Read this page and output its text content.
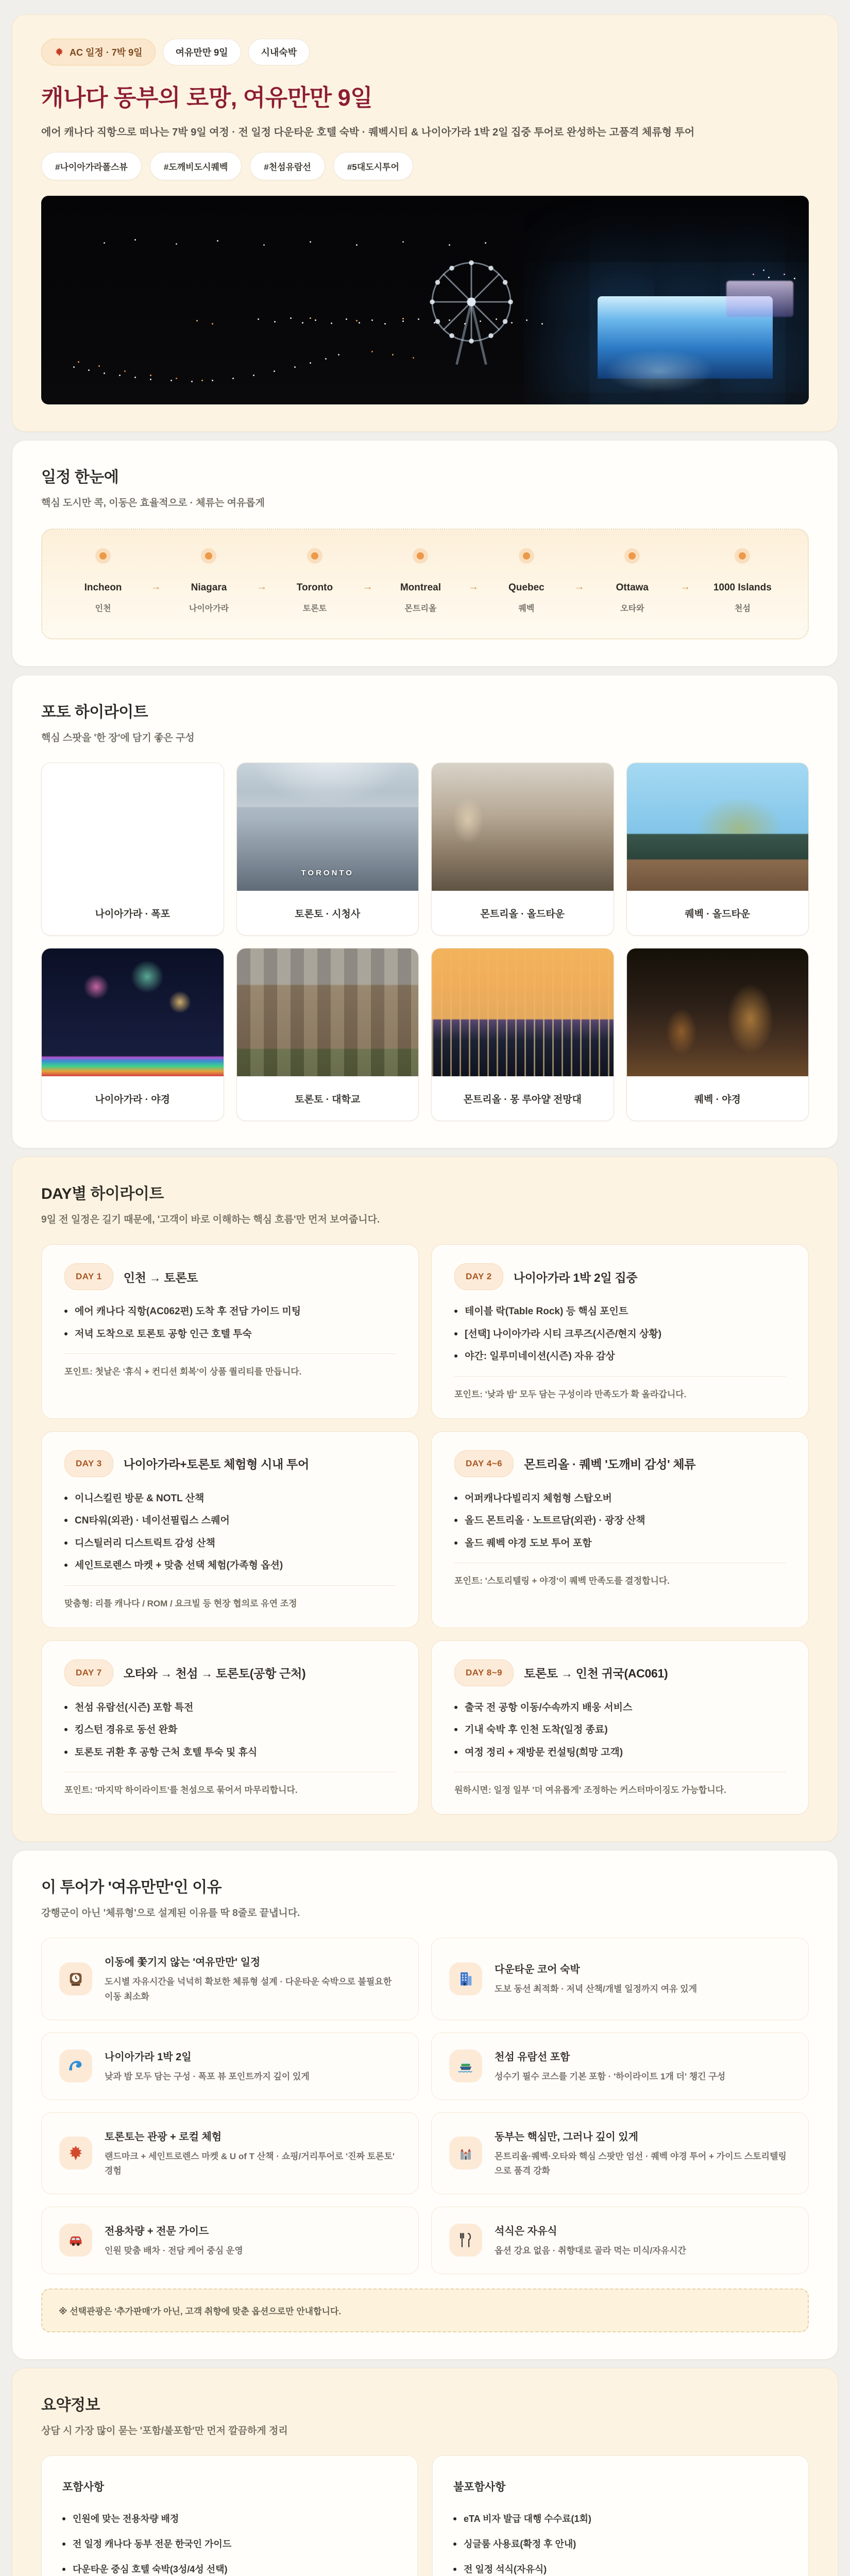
AC 일정 · 7박 9일	여유만만 9일	시내숙박
캐나다 동부의 로망, 여유만만 9일

에어 캐나다 직항으로 떠나는 7박 9일 여정 · 전 일정 다운타운 호텔 숙박 · 퀘벡시티 & 나이아가라 1박 2일 집중 투어로 완성하는 고품격 체류형 투어

#나이아가라폴스뷰	#도깨비도시퀘벡	#천섬유람선	#5대도시투어
일정 한눈에

핵심 도시만 콕, 이동은 효율적으로 · 체류는 여유롭게

Incheon
인천
→	Niagara
나이아가라
→	Toronto
토론토
→	Montreal
몬트리올
→	Quebec
퀘벡
→	Ottawa
오타와
→ 1000 Islands
천섬
포토 하이라이트

핵심 스팟을 '한 장'에 담기 좋은 구성

나이아가라 · 폭포
TORONTO
토론토 · 시청사	몬트리올 · 올드타운	퀘벡 · 올드타운
나이아가라 · 야경	토론토 · 대학교	몬트리올 · 몽 루아얄 전망대	퀘벡 · 야경
DAY별 하이라이트

9일 전 일정은 길기 때문에, '고객이 바로 이해하는 핵심 흐름'만 먼저 보여줍니다.

DAY 1	인천 → 토론토
에어 캐나다 직항(AC062편) 도착 후 전담 가이드 미팅
저녁 도착으로 토론토 공항 인근 호텔 투숙

포인트: 첫날은 '휴식 + 컨디션 회복'이 상품 퀄리티를 만듭니다.

DAY 2	나이아가라 1박 2일 집중
테이블 락(Table Rock) 등 핵심 포인트
[선택] 나이아가라 시티 크루즈(시즌/현지 상황)
야간: 일루미네이션(시즌) 자유 감상

포인트: '낮과 밤' 모두 담는 구성이라 만족도가 확 올라갑니다.

DAY 3	나이아가라+토론토 체험형 시내 투어
이니스킬린 방문 & NOTL 산책
CN타워(외관) · 네이선필립스 스퀘어
디스틸러리 디스트릭트 감성 산책
세인트로렌스 마켓 + 맞춤 선택 체험(가족형 옵션)

맞춤형: 리틀 캐나다 / ROM / 요크빌 등 현장 협의로 유연 조정

DAY 4~6	몬트리올 · 퀘벡 '도깨비 감성' 체류
어퍼캐나다빌리지 체험형 스탑오버
올드 몬트리올 · 노트르담(외관) · 광장 산책
올드 퀘벡 야경 도보 투어 포함

포인트: '스토리텔링 + 야경'이 퀘벡 만족도를 결정합니다.

DAY 7	오타와 → 천섬 → 토론토(공항 근처)
천섬 유람선(시즌) 포함 특전
킹스턴 경유로 동선 완화
토론토 귀환 후 공항 근처 호텔 투숙 및 휴식

포인트: '마지막 하이라이트'를 천섬으로 묶어서 마무리합니다.

DAY 8~9	토론토 → 인천 귀국(AC061)
출국 전 공항 이동/수속까지 배웅 서비스
기내 숙박 후 인천 도착(일정 종료)
여정 정리 + 재방문 컨설팅(희망 고객)

원하시면: 일정 일부 '더 여유롭게' 조정하는 커스터마이징도 가능합니다.

이 투어가 '여유만만'인 이유

강행군이 아닌 '체류형'으로 설계된 이유를 딱 8줄로 끝냅니다.

이동에 쫓기지 않는 '여유만만' 일정

도시별 자유시간을 넉넉히 확보한 체류형 설계 · 다운타운 숙박으로 불필요한 이동 최소화

다운타운 코어 숙박

도보 동선 최적화 · 저녁 산책/개별 일정까지 여유 있게

나이아가라 1박 2일

낮과 밤 모두 담는 구성 · 폭포 뷰 포인트까지 깊이 있게

천섬 유람선 포함

성수기 필수 코스를 기본 포함 · '하이라이트 1개 더' 챙긴 구성

토론토는 관광 + 로컬 체험

랜드마크 + 세인트로렌스 마켓 & U of T 산책 · 쇼핑/거리투어로 '진짜 토론토' 경험

동부는 핵심만, 그러나 깊이 있게

몬트리올·퀘벡·오타와 핵심 스팟만 엄선 · 퀘벡 야경 투어 + 가이드 스토리텔링으로 품격 강화

전용차량 + 전문 가이드

인원 맞춤 배차 · 전담 케어 중심 운영

석식은 자유식

옵션 강요 없음 · 취향대로 골라 먹는 미식/자유시간

※ 선택관광은 '추가판매'가 아닌, 고객 취향에 맞춘 옵션으로만 안내합니다.
요약정보

상담 시 가장 많이 묻는 '포함/불포함'만 먼저 깔끔하게 정리

포함사항
인원에 맞는 전용차량 배정
전 일정 캐나다 동부 전문 한국인 가이드
다운타운 중심 호텔 숙박(3성/4성 선택)
불포함사항
eTA 비자 발급 대행 수수료(1회)
싱글룸 사용료(확정 후 안내)
전 일정 석식(자유식)
